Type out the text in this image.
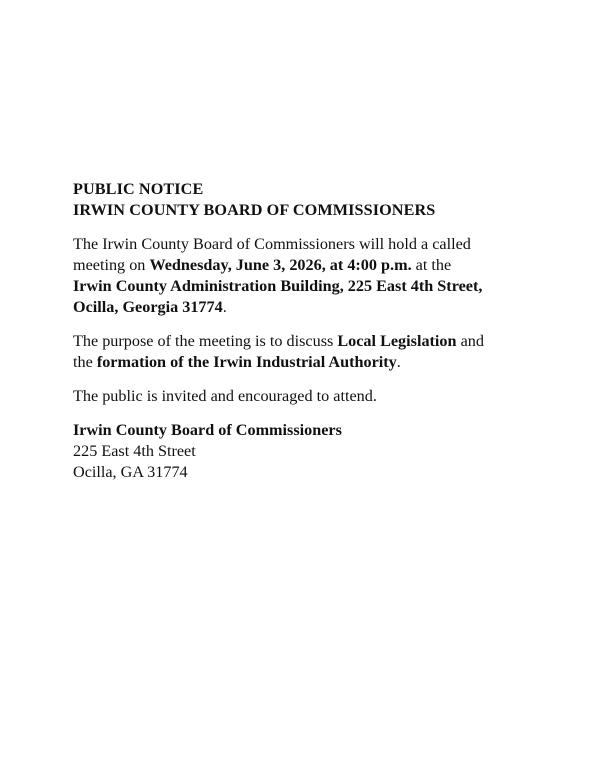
PUBLIC NOTICE

IRWIN COUNTY BOARD OF COMMISSIONERS

The Irwin County Board of Commissioners will hold a called
meeting on Wednesday, June 3, 2026, at 4:00 p.m. at the
Irwin County Administration Building, 225 East 4th Street,
Ocilla, Georgia 31774.

The purpose of the meeting is to discuss Local Legislation and
the formation of the Irwin Industrial Authority.

The public is invited and encouraged to attend.

Irwin County Board of Commissioners
225 East 4th Street
Ocilla, GA 31774
